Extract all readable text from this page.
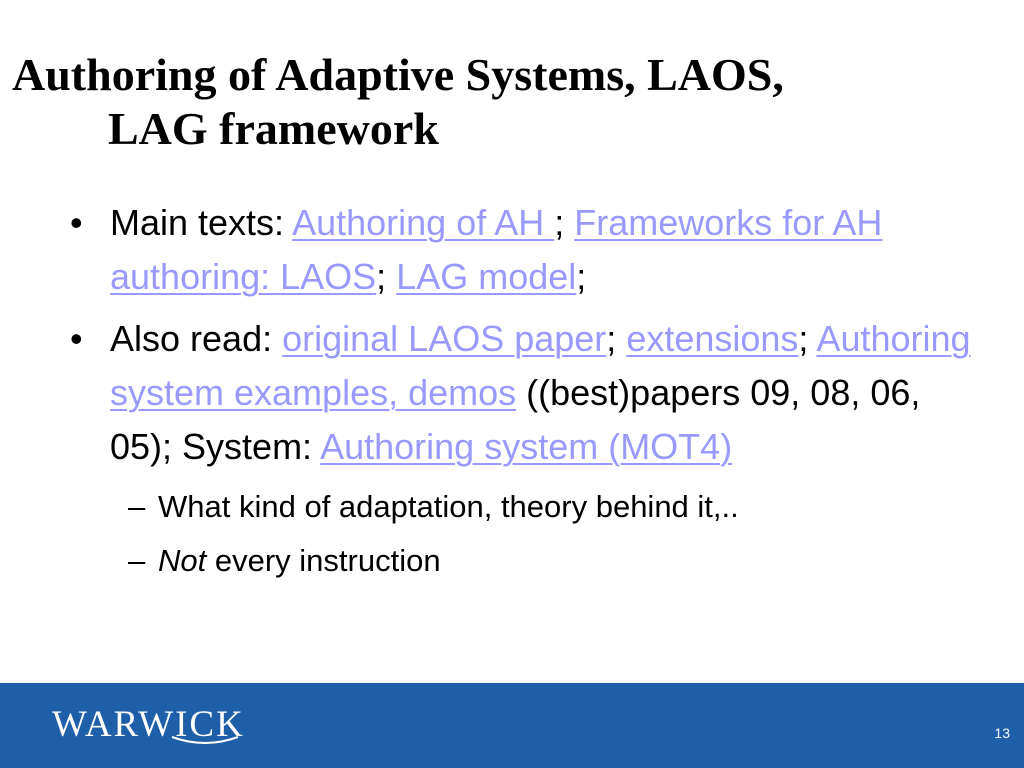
Authoring of Adaptive Systems, LAOS,
LAG framework
• Main texts: Authoring of AH ; Frameworks for AH authoring: LAOS; LAG model;
• Also read: original LAOS paper; extensions; Authoring system examples, demos ((best)papers 09, 08, 06, 05); System: Authoring system (MOT4)
– What kind of adaptation, theory behind it,..
– Not every instruction
WARWICK	13
